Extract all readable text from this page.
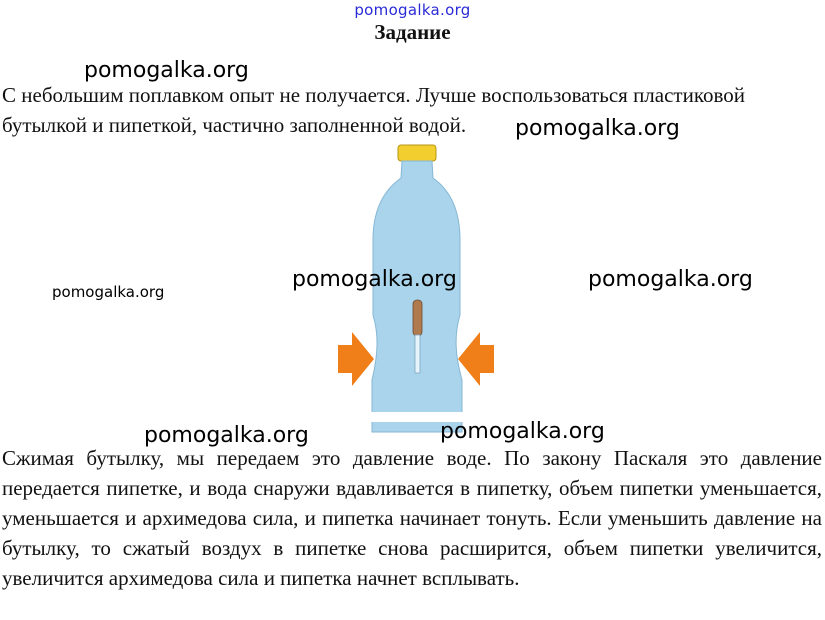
pomogalka.org
Задание

С небольшим поплавком опыт не получается. Лучше воспользоваться пластиковой бутылкой и пипеткой, частично заполненной водой.

Сжимая бутылку, мы передаем это давление воде. По закону Паскаля это давление передается пипетке, и вода снаружи вдавливается в пипетку, объем пипетки уменьшается, уменьшается и архимедова сила, и пипетка начинает тонуть. Если уменьшить давление на бутылку, то сжатый воздух в пипетке снова расширится, объем пипетки увеличится, увеличится архимедова сила и пипетка начнет всплывать.

pomogalka.org
pomogalka.org
pomogalka.org	pomogalka.org	pomogalka.org
pomogalka.org	pomogalka.org
